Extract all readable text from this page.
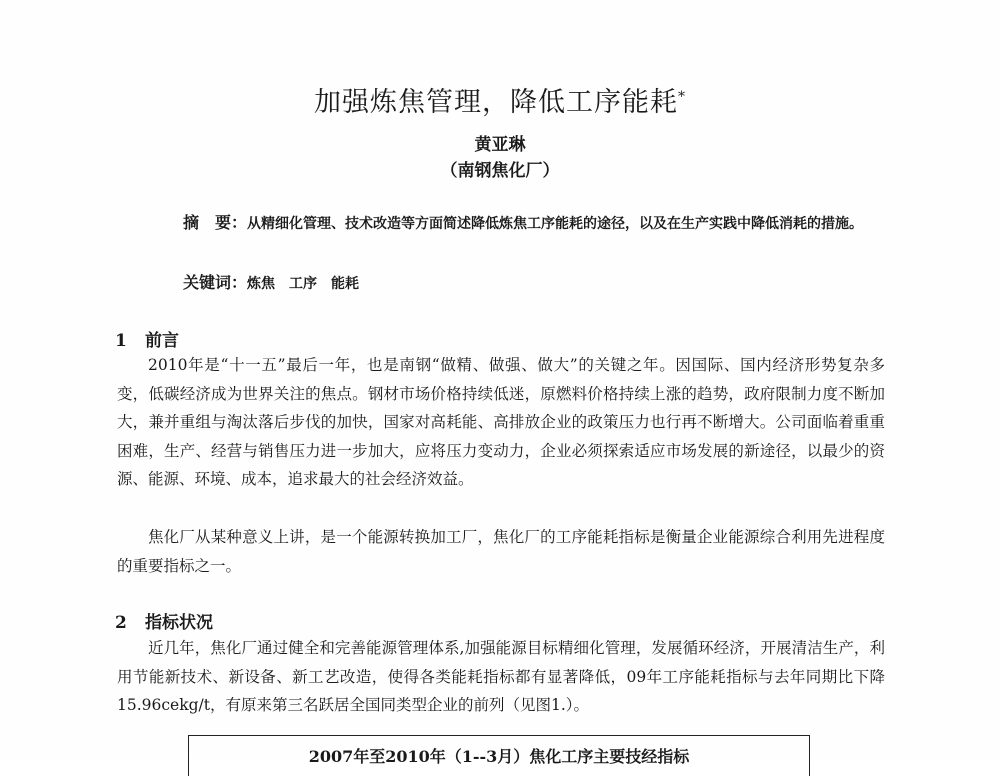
加强炼焦管理，降低工序能耗*
黄亚琳
（南钢焦化厂）
摘　要：从精细化管理、技术改造等方面简述降低炼焦工序能耗的途径，以及在生产实践中降低消耗的措施。
关键词：炼焦　工序　能耗
1 前言
2010年是“十一五”最后一年，也是南钢“做精、做强、做大”的关键之年。因国际、国内经济形势复杂多变，低碳经济成为世界关注的焦点。钢材市场价格持续低迷，原燃料价格持续上涨的趋势，政府限制力度不断加大，兼并重组与淘汰落后步伐的加快，国家对高耗能、高排放企业的政策压力也行再不断增大。公司面临着重重困难，生产、经营与销售压力进一步加大，应将压力变动力，企业必须探索适应市场发展的新途径，以最少的资源、能源、环境、成本，追求最大的社会经济效益。
焦化厂从某种意义上讲，是一个能源转换加工厂，焦化厂的工序能耗指标是衡量企业能源综合利用先进程度的重要指标之一。
2 指标状况
近几年，焦化厂通过健全和完善能源管理体系,加强能源目标精细化管理，发展循环经济，开展清洁生产，利用节能新技术、新设备、新工艺改造，使得各类能耗指标都有显著降低，09年工序能耗指标与去年同期比下降15.96cekg/t，有原来第三名跃居全国同类型企业的前列（见图1.）。
2007年至2010年（1--3月）焦化工序主要技经指标
